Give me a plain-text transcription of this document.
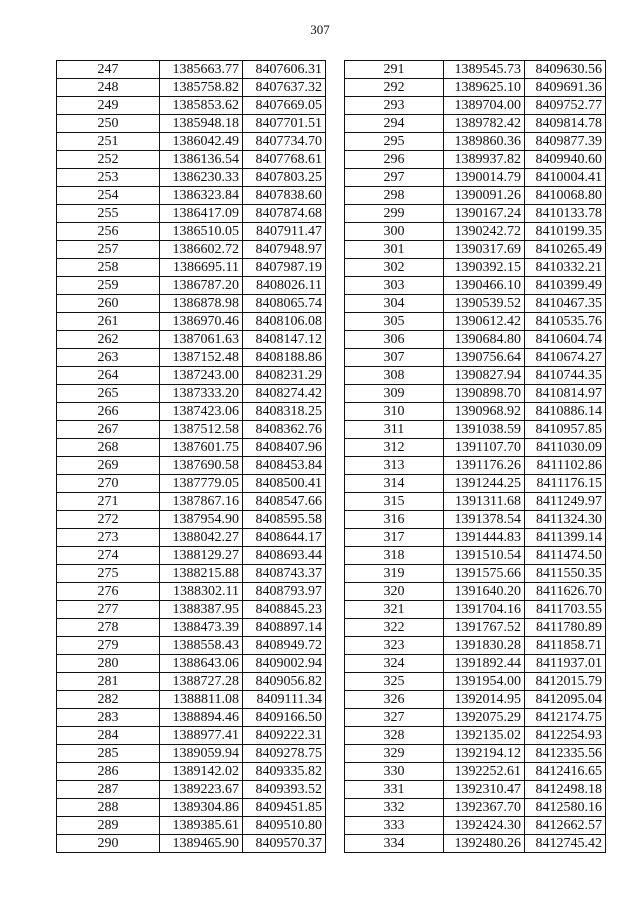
307
247	1385663.77	8407606.31
248	1385758.82	8407637.32
249	1385853.62	8407669.05
250	1385948.18	8407701.51
251	1386042.49	8407734.70
252	1386136.54	8407768.61
253	1386230.33	8407803.25
254	1386323.84	8407838.60
255	1386417.09	8407874.68
256	1386510.05	8407911.47
257	1386602.72	8407948.97
258	1386695.11	8407987.19
259	1386787.20	8408026.11
260	1386878.98	8408065.74
261	1386970.46	8408106.08
262	1387061.63	8408147.12
263	1387152.48	8408188.86
264	1387243.00	8408231.29
265	1387333.20	8408274.42
266	1387423.06	8408318.25
267	1387512.58	8408362.76
268	1387601.75	8408407.96
269	1387690.58	8408453.84
270	1387779.05	8408500.41
271	1387867.16	8408547.66
272	1387954.90	8408595.58
273	1388042.27	8408644.17
274	1388129.27	8408693.44
275	1388215.88	8408743.37
276	1388302.11	8408793.97
277	1388387.95	8408845.23
278	1388473.39	8408897.14
279	1388558.43	8408949.72
280	1388643.06	8409002.94
281	1388727.28	8409056.82
282	1388811.08	8409111.34
283	1388894.46	8409166.50
284	1388977.41	8409222.31
285	1389059.94	8409278.75
286	1389142.02	8409335.82
287	1389223.67	8409393.52
288	1389304.86	8409451.85
289	1389385.61	8409510.80
290	1389465.90	8409570.37
291	1389545.73	8409630.56
292	1389625.10	8409691.36
293	1389704.00	8409752.77
294	1389782.42	8409814.78
295	1389860.36	8409877.39
296	1389937.82	8409940.60
297	1390014.79	8410004.41
298	1390091.26	8410068.80
299	1390167.24	8410133.78
300	1390242.72	8410199.35
301	1390317.69	8410265.49
302	1390392.15	8410332.21
303	1390466.10	8410399.49
304	1390539.52	8410467.35
305	1390612.42	8410535.76
306	1390684.80	8410604.74
307	1390756.64	8410674.27
308	1390827.94	8410744.35
309	1390898.70	8410814.97
310	1390968.92	8410886.14
311	1391038.59	8410957.85
312	1391107.70	8411030.09
313	1391176.26	8411102.86
314	1391244.25	8411176.15
315	1391311.68	8411249.97
316	1391378.54	8411324.30
317	1391444.83	8411399.14
318	1391510.54	8411474.50
319	1391575.66	8411550.35
320	1391640.20	8411626.70
321	1391704.16	8411703.55
322	1391767.52	8411780.89
323	1391830.28	8411858.71
324	1391892.44	8411937.01
325	1391954.00	8412015.79
326	1392014.95	8412095.04
327	1392075.29	8412174.75
328	1392135.02	8412254.93
329	1392194.12	8412335.56
330	1392252.61	8412416.65
331	1392310.47	8412498.18
332	1392367.70	8412580.16
333	1392424.30	8412662.57
334	1392480.26	8412745.42
